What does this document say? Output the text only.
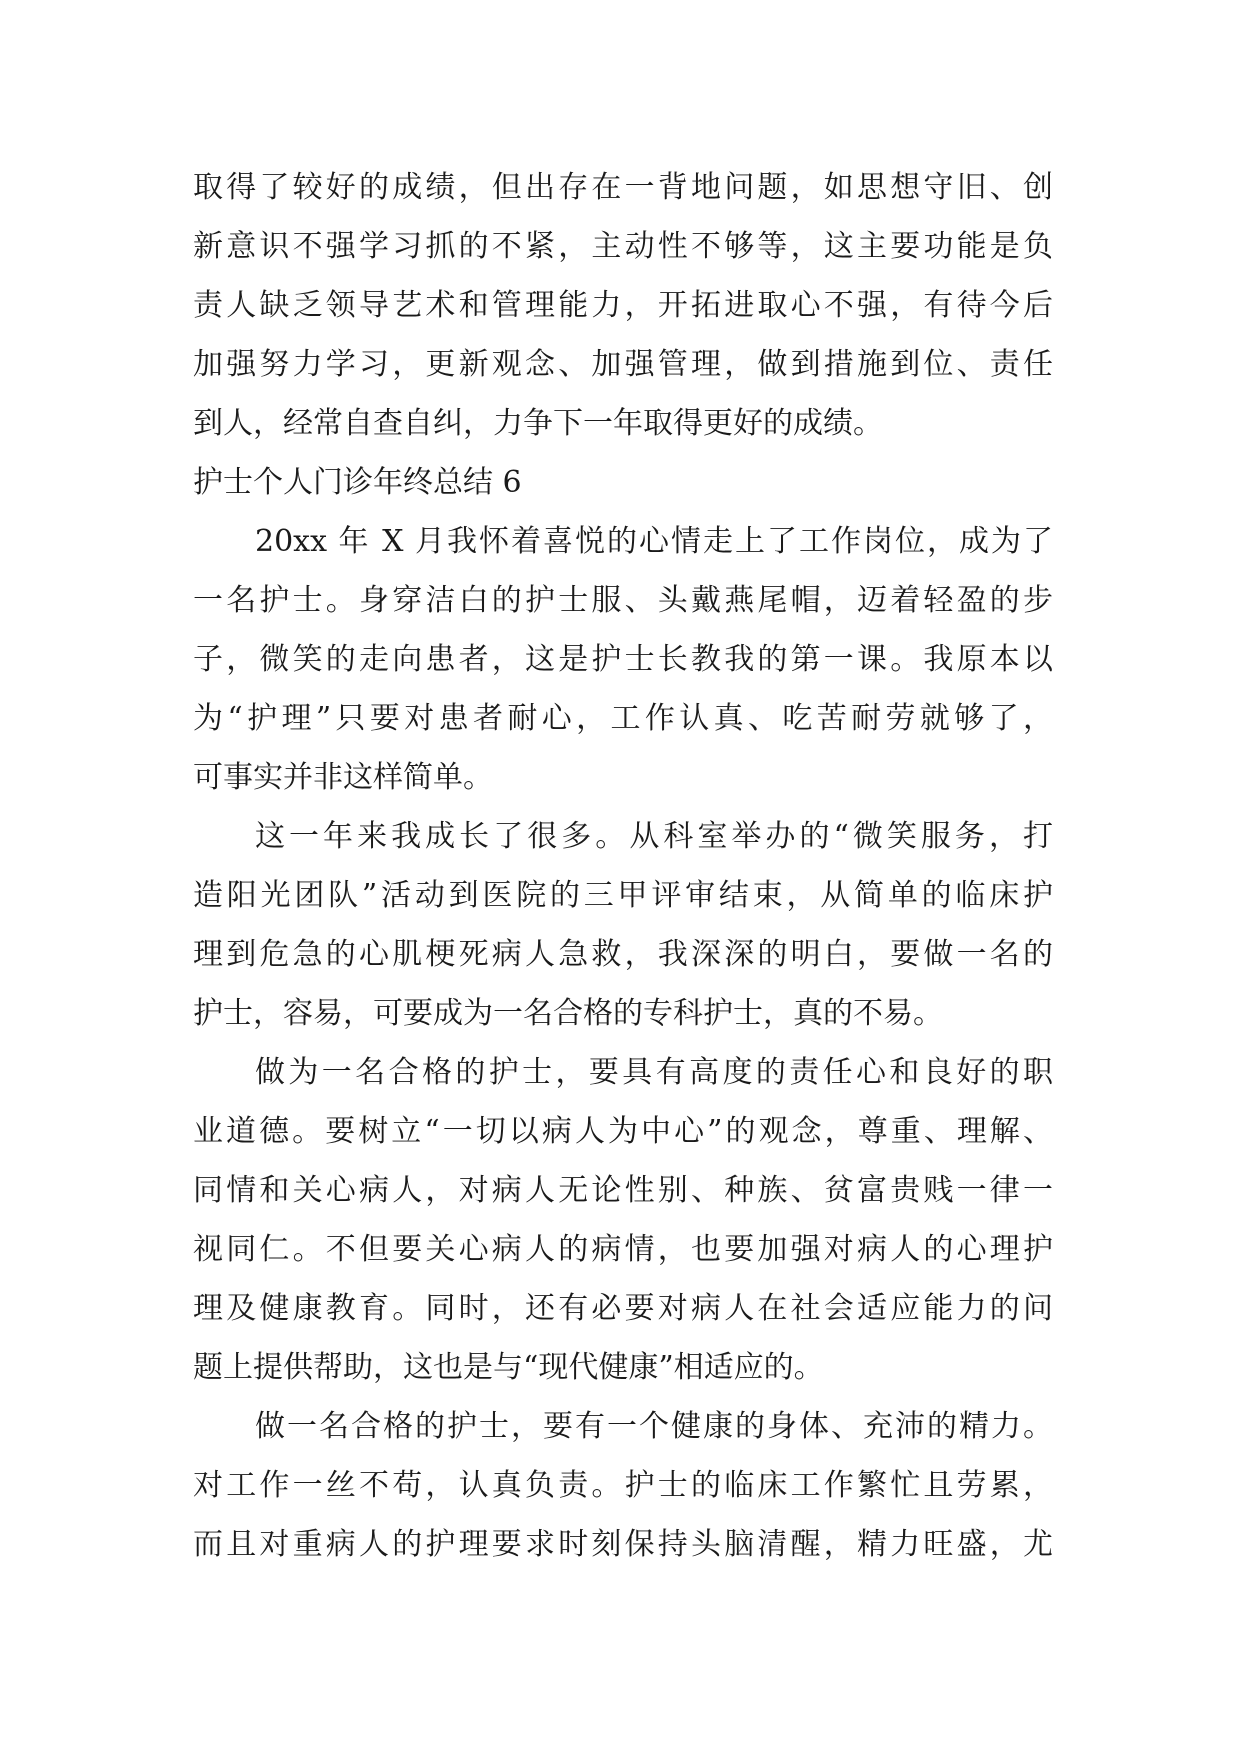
取得了较好的成绩，但出存在一背地问题，如思想守旧、创
新意识不强学习抓的不紧，主动性不够等，这主要功能是负
责人缺乏领导艺术和管理能力，开拓进取心不强，有待今后
加强努力学习，更新观念、加强管理，做到措施到位、责任
到人，经常自查自纠，力争下一年取得更好的成绩。
护士个人门诊年终总结 6
20xx 年 X 月我怀着喜悦的心情走上了工作岗位，成为了
一名护士。身穿洁白的护士服、头戴燕尾帽，迈着轻盈的步
子，微笑的走向患者，这是护士长教我的第一课。我原本以
为“护理”只要对患者耐心，工作认真、吃苦耐劳就够了，
可事实并非这样简单。
这一年来我成长了很多。从科室举办的“微笑服务，打
造阳光团队”活动到医院的三甲评审结束，从简单的临床护
理到危急的心肌梗死病人急救，我深深的明白，要做一名的
护士，容易，可要成为一名合格的专科护士，真的不易。
做为一名合格的护士，要具有高度的责任心和良好的职
业道德。要树立“一切以病人为中心”的观念，尊重、理解、
同情和关心病人，对病人无论性别、种族、贫富贵贱一律一
视同仁。不但要关心病人的病情，也要加强对病人的心理护
理及健康教育。同时，还有必要对病人在社会适应能力的问
题上提供帮助，这也是与“现代健康”相适应的。
做一名合格的护士，要有一个健康的身体、充沛的精力。
对工作一丝不苟，认真负责。护士的临床工作繁忙且劳累，
而且对重病人的护理要求时刻保持头脑清醒，精力旺盛，尤
